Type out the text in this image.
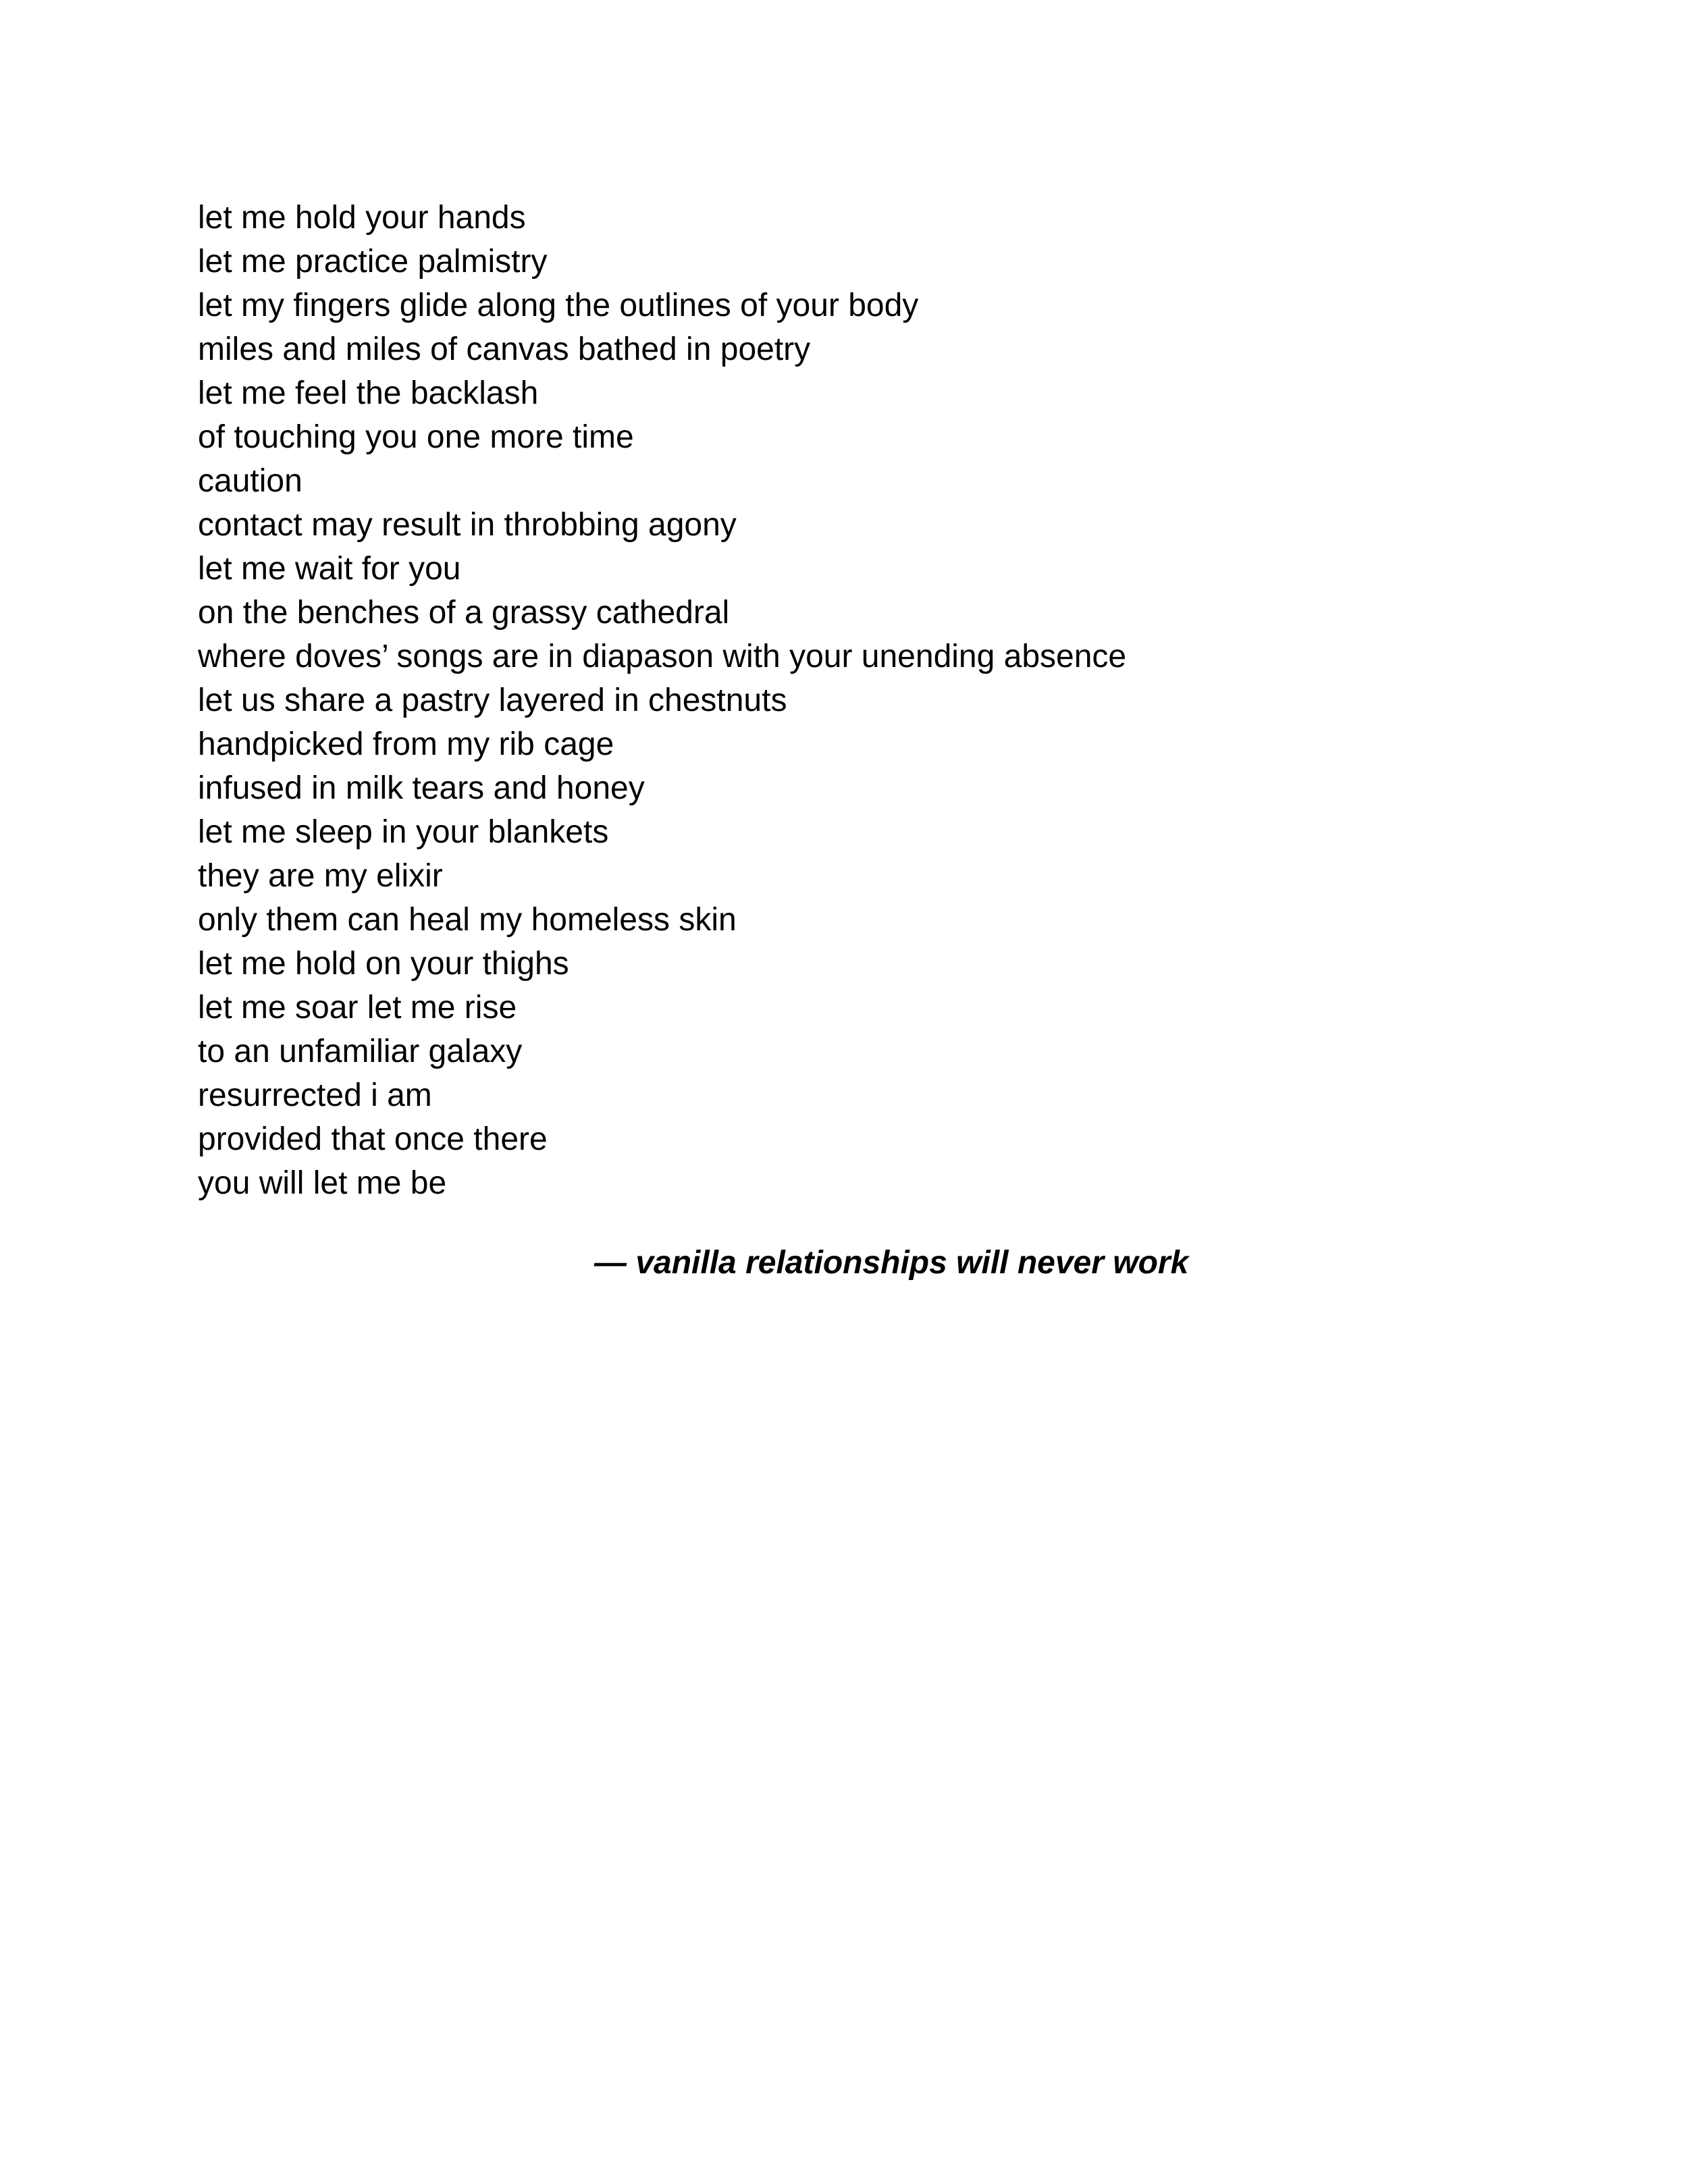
let me hold your hands
let me practice palmistry
let my fingers glide along the outlines of your body
miles and miles of canvas bathed in poetry
let me feel the backlash
of touching you one more time
caution
contact may result in throbbing agony
let me wait for you
on the benches of a grassy cathedral
where doves’ songs are in diapason with your unending absence
let us share a pastry layered in chestnuts
handpicked from my rib cage
infused in milk tears and honey
let me sleep in your blankets
they are my elixir
only them can heal my homeless skin
let me hold on your thighs
let me soar let me rise
to an unfamiliar galaxy
resurrected i am
provided that once there
you will let me be

— vanilla relationships will never work
